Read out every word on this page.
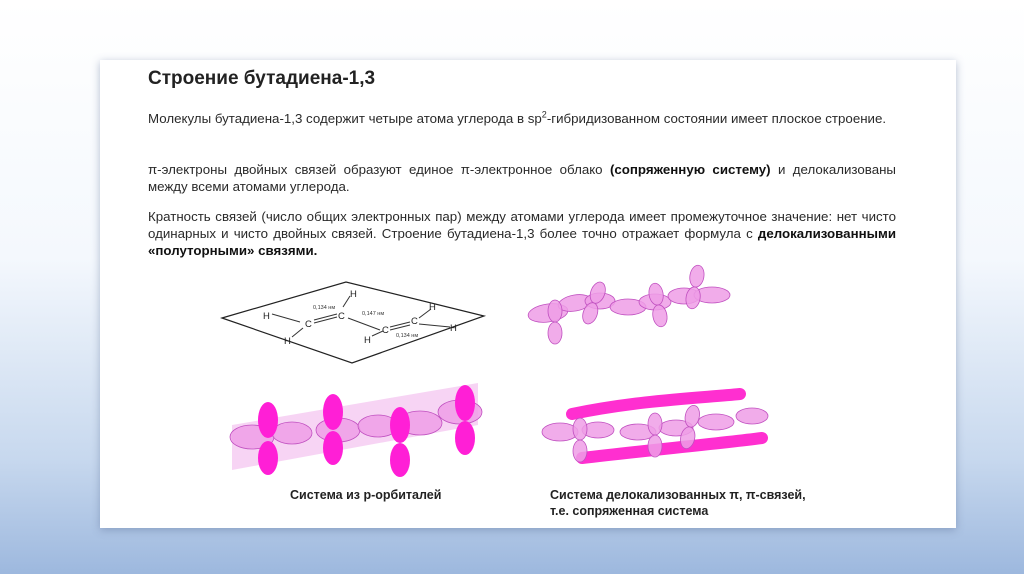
Строение бутадиена-1,3
Молекулы бутадиена-1,3 содержит четыре атома углерода в $sp^2$-гибридизованном состоянии имеет плоское строение.
π-электроны двойных связей образуют единое π-электронное облако (сопряженную систему) и делокализованы между всеми атомами углерода.
Кратность связей (число общих электронных пар) между атомами углерода имеет промежуточное значение: нет чисто одинарных и чисто двойных связей. Строение бутадиена-1,3 более точно отражает формула с делокализованными «полуторными» связями.
H
H
C
C
H
C
H
C
H
H
0,134 нм
0,147 нм
0,134 нм
Система из р-орбиталей	Система делокализованных π, π-связей, т.е. сопряженная система
